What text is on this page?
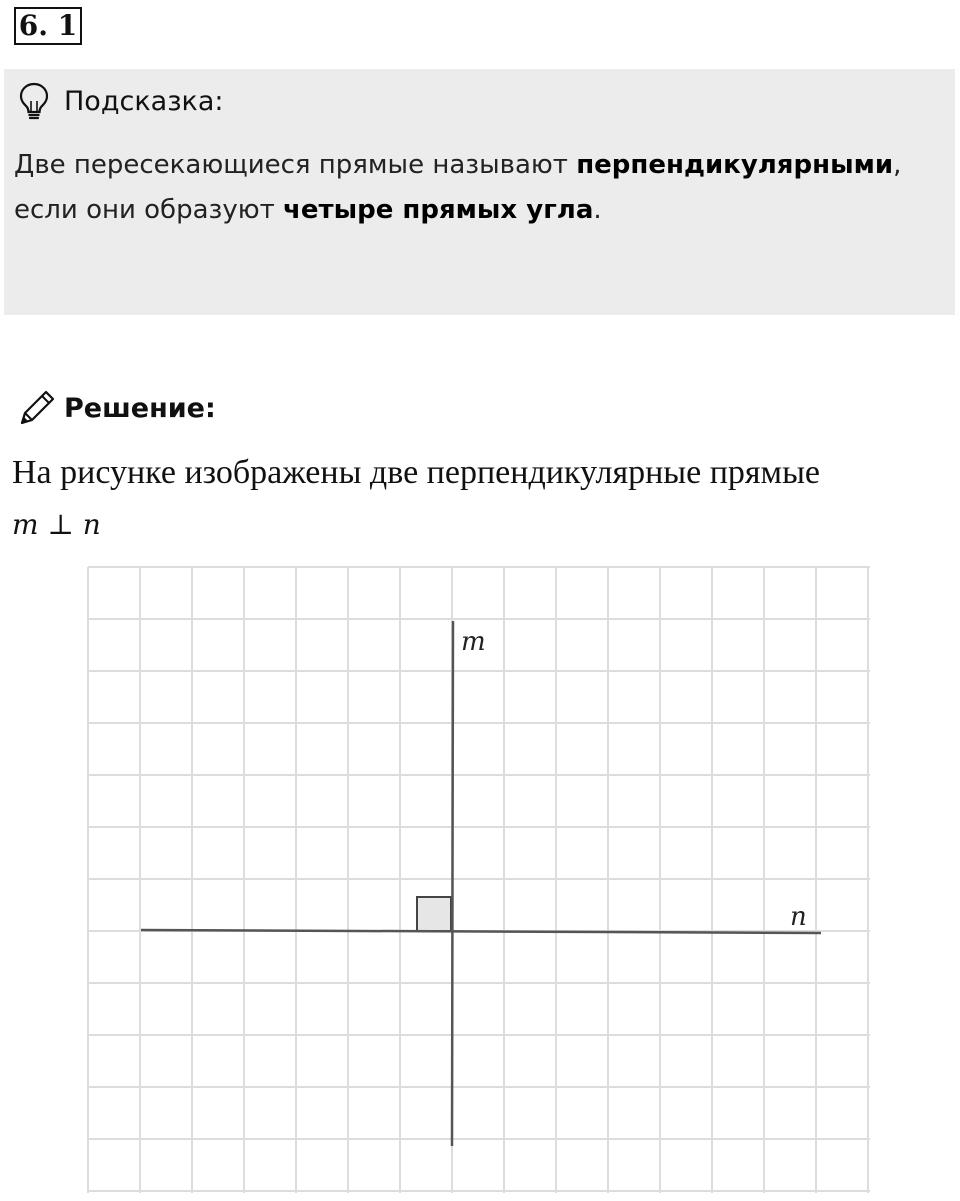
6. 1
Подсказка:
Две пересекающиеся прямые называют перпендикулярными, если они образуют четыре прямых угла.
Решение:
На рисунке изображены две перпендикулярные прямые
m ⊥ n
m
n
